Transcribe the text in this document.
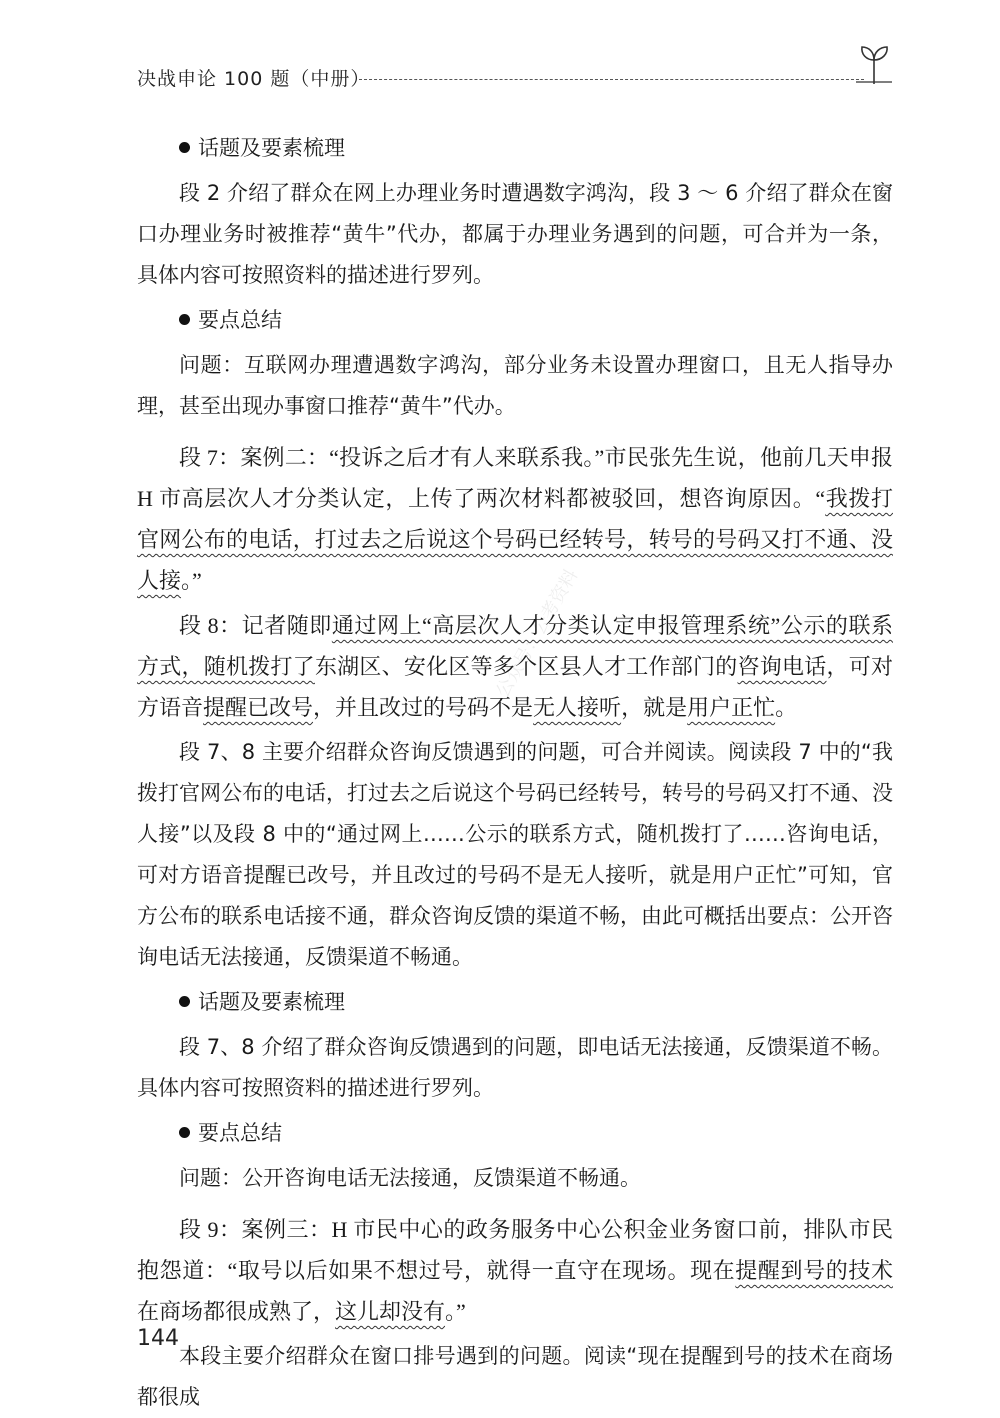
决战申论 100 题（中册）

话题及要素梳理

段 2 介绍了群众在网上办理业务时遭遇数字鸿沟，段 3 ～ 6 介绍了群众在窗口办理业务时被推荐“黄牛”代办，都属于办理业务遇到的问题，可合并为一条，具体内容可按照资料的描述进行罗列。

要点总结

问题：互联网办理遭遇数字鸿沟，部分业务未设置办理窗口，且无人指导办理，甚至出现办事窗口推荐“黄牛”代办。

段 7：案例二：“投诉之后才有人来联系我。”市民张先生说，他前几天申报 H 市高层次人才分类认定，上传了两次材料都被驳回，想咨询原因。“我拨打官网公布的电话，打过去之后说这个号码已经转号，转号的号码又打不通、没人接。”

段 8：记者随即通过网上“高层次人才分类认定申报管理系统”公示的联系方式，随机拨打了东湖区、安化区等多个区县人才工作部门的咨询电话，可对方语音提醒已改号，并且改过的号码不是无人接听，就是用户正忙。

段 7、8 主要介绍群众咨询反馈遇到的问题，可合并阅读。阅读段 7 中的“我拨打官网公布的电话，打过去之后说这个号码已经转号，转号的号码又打不通、没人接”以及段 8 中的“通过网上……公示的联系方式，随机拨打了……咨询电话，可对方语音提醒已改号，并且改过的号码不是无人接听，就是用户正忙”可知，官方公布的联系电话接不通，群众咨询反馈的渠道不畅，由此可概括出要点：公开咨询电话无法接通，反馈渠道不畅通。

话题及要素梳理

段 7、8 介绍了群众咨询反馈遇到的问题，即电话无法接通，反馈渠道不畅。具体内容可按照资料的描述进行罗列。

要点总结

问题：公开咨询电话无法接通，反馈渠道不畅通。

段 9：案例三：H 市民中心的政务服务中心公积金业务窗口前，排队市民抱怨道：“取号以后如果不想过号，就得一直守在现场。现在提醒到号的技术在商场都很成熟了，这儿却没有。”

本段主要介绍群众在窗口排号遇到的问题。阅读“现在提醒到号的技术在商场都很成

公众号：公考资料
144
